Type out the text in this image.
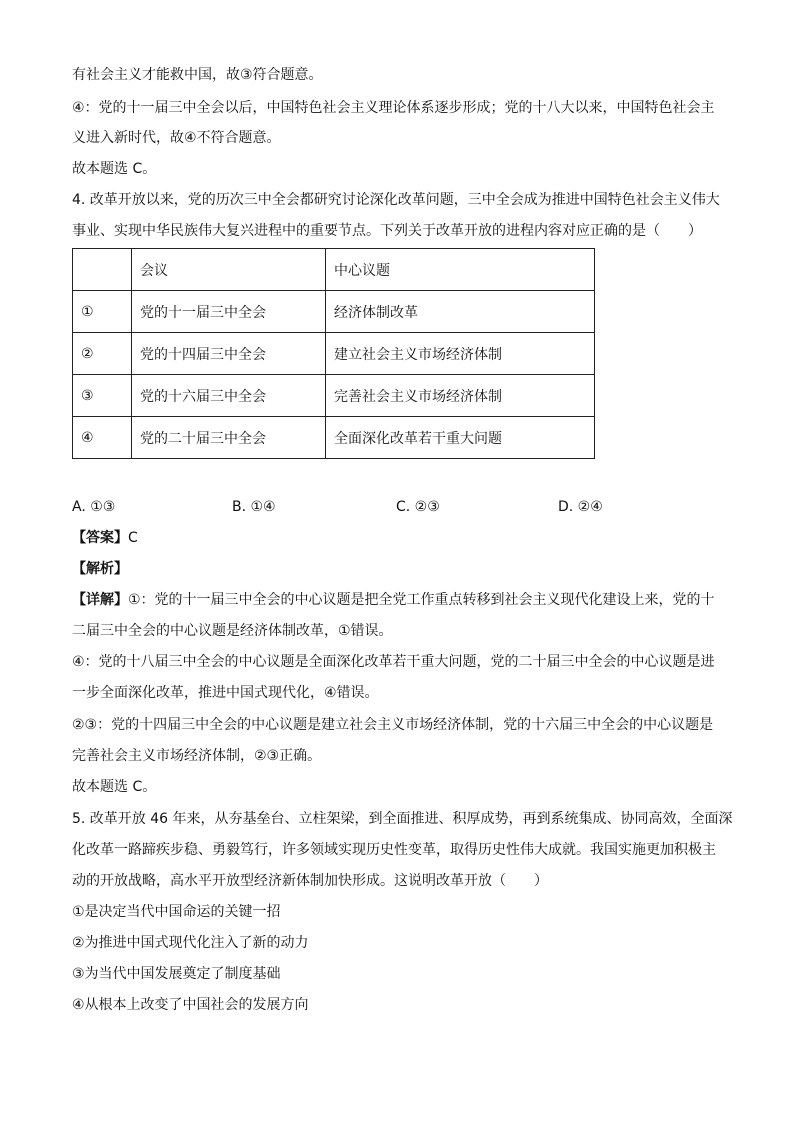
有社会主义才能救中国，故③符合题意。
④：党的十一届三中全会以后，中国特色社会主义理论体系逐步形成；党的十八大以来，中国特色社会主
义进入新时代，故④不符合题意。
故本题选 C。
4. 改革开放以来，党的历次三中全会都研究讨论深化改革问题，三中全会成为推进中国特色社会主义伟大
事业、实现中华民族伟大复兴进程中的重要节点。下列关于改革开放的进程内容对应正确的是（　　）
	会议	中心议题
①	党的十一届三中全会	经济体制改革
②	党的十四届三中全会	建立社会主义市场经济体制
③	党的十六届三中全会	完善社会主义市场经济体制
④	党的二十届三中全会	全面深化改革若干重大问题
A. ①③	B. ①④	C. ②③	D. ②④
【答案】C
【解析】
【详解】①：党的十一届三中全会的中心议题是把全党工作重点转移到社会主义现代化建设上来，党的十
二届三中全会的中心议题是经济体制改革，①错误。
④：党的十八届三中全会的中心议题是全面深化改革若干重大问题，党的二十届三中全会的中心议题是进
一步全面深化改革，推进中国式现代化，④错误。
②③：党的十四届三中全会的中心议题是建立社会主义市场经济体制，党的十六届三中全会的中心议题是
完善社会主义市场经济体制，②③正确。
故本题选 C。
5. 改革开放 46 年来，从夯基垒台、立柱架梁，到全面推进、积厚成势，再到系统集成、协同高效，全面深
化改革一路蹄疾步稳、勇毅笃行，许多领域实现历史性变革，取得历史性伟大成就。我国实施更加积极主
动的开放战略，高水平开放型经济新体制加快形成。这说明改革开放（　　）
①是决定当代中国命运的关键一招
②为推进中国式现代化注入了新的动力
③为当代中国发展奠定了制度基础
④从根本上改变了中国社会的发展方向
